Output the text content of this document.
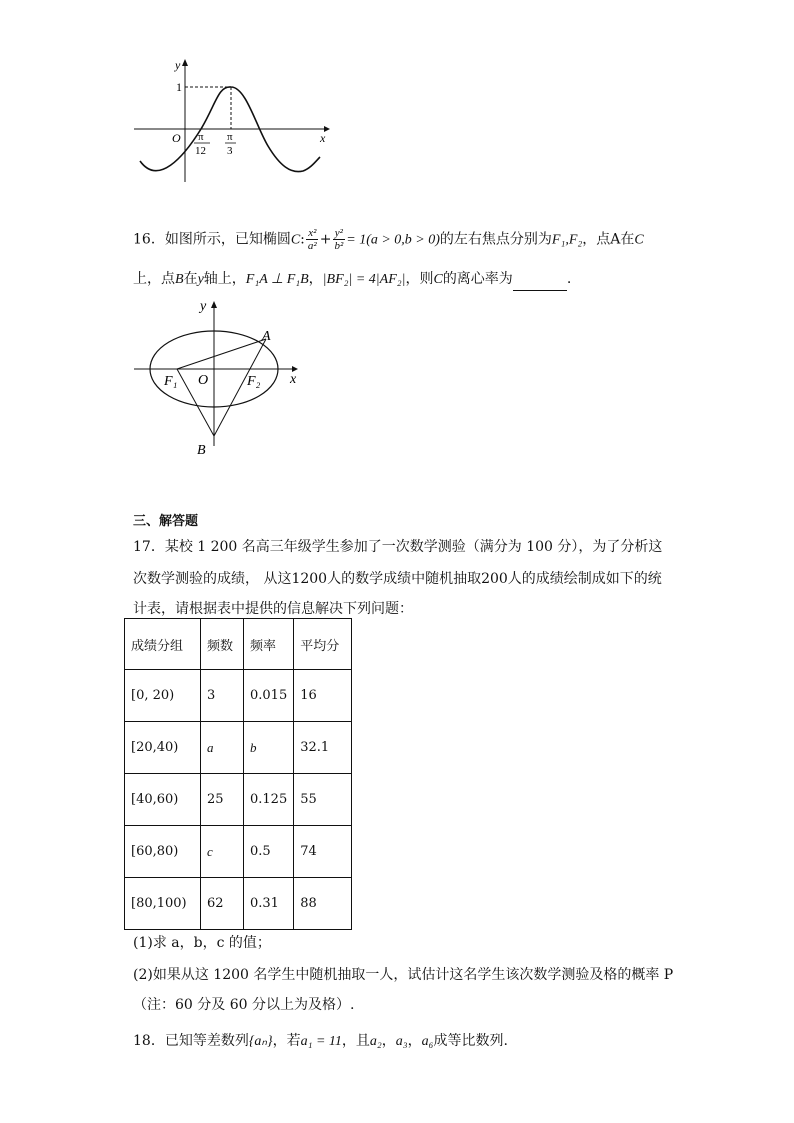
y
x
O
1
π
12
π
3
16．如图所示，已知椭圆C: $\frac{\text{x²}}{\text{a²}} + \frac{\text{y²}}{\text{b²}} = 1(a > 0,b > 0)$的左右焦点分别为F₁,F₂，点A在C
上，点B在y轴上，F₁A ⊥ F₁B，|BF₂| = 4|AF₂|，则C的离心率为	.
y
x
A
B
O
F₁	F₂
三、解答题
17．某校 1 200 名高三年级学生参加了一次数学测验（满分为 100 分），为了分析这
次数学测验的成绩， 从这1200人的数学成绩中随机抽取200人的成绩绘制成如下的统
计表，请根据表中提供的信息解决下列问题：
成绩分组	频数	频率	平均分
[0, 20)	3	0.015	16
[20,40)	a	b	32.1
[40,60)	25	0.125	55
[60,80)	c	0.5	74
[80,100)	62	0.31	88
(1)求 a，b，c 的值；
(2)如果从这 1200 名学生中随机抽取一人，试估计这名学生该次数学测验及格的概率 P
（注：60 分及 60 分以上为及格）.
18．已知等差数列{aₙ}，若a₁ = 11，且a₂，a₃，a₆成等比数列.
